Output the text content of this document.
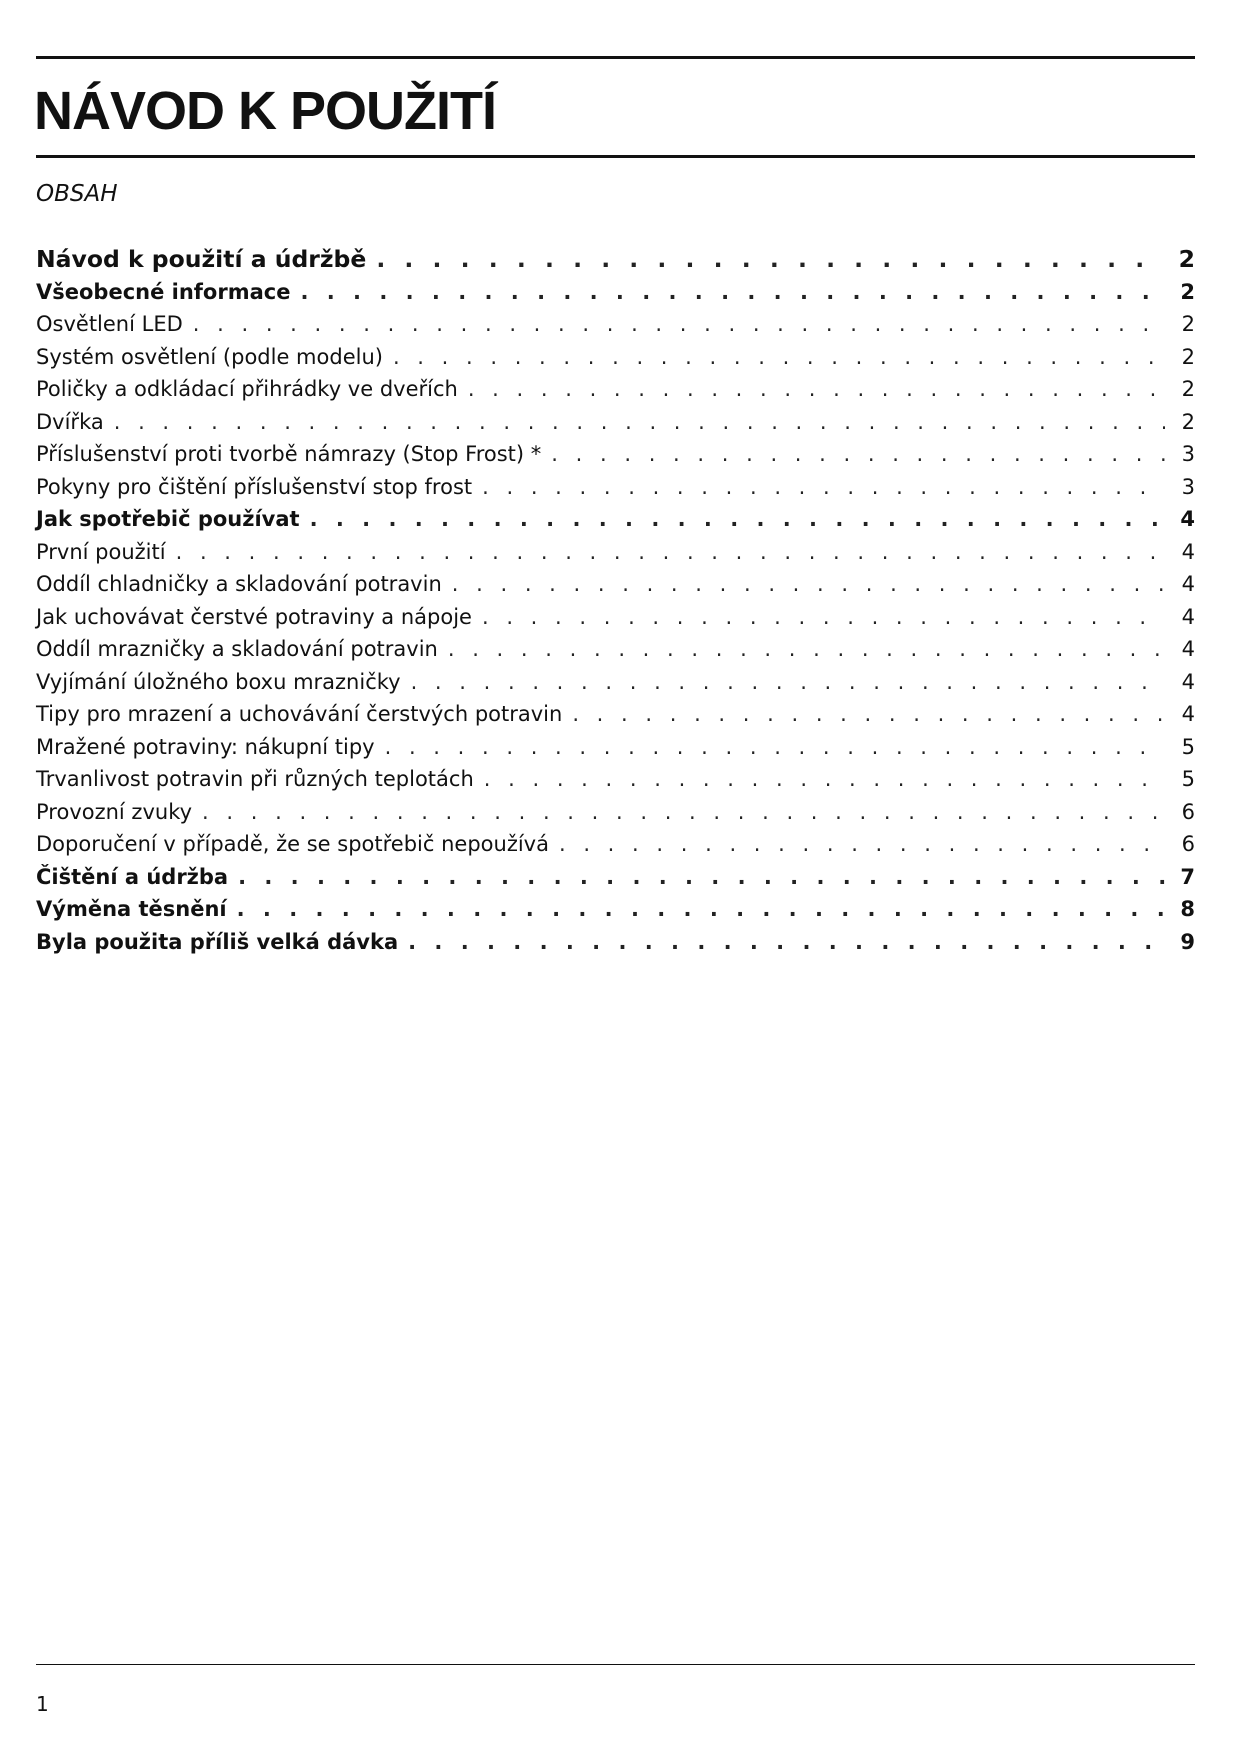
NÁVOD K POUŽITÍ

OBSAH

Návod k použití a údržbě . . .	2
Všeobecné informace . . .	2
Osvětlení LED . . .	2
Systém osvětlení (podle modelu) . . .	2
Poličky a odkládací přihrádky ve dveřích . . .	2
Dvířka . . .	2
Příslušenství proti tvorbě námrazy (Stop Frost) * . . .	3
Pokyny pro čištění příslušenství stop frost . . .	3
Jak spotřebič používat . . .	4
První použití . . .	4
Oddíl chladničky a skladování potravin . . .	4
Jak uchovávat čerstvé potraviny a nápoje . . .	4
Oddíl mrazničky a skladování potravin . . .	4
Vyjímání úložného boxu mrazničky . . .	4
Tipy pro mrazení a uchovávání čerstvých potravin . . .	4
Mražené potraviny: nákupní tipy . . .	5
Trvanlivost potravin při různých teplotách . . .	5
Provozní zvuky . . .	6
Doporučení v případě, že se spotřebič nepoužívá . . .	6
Čištění a údržba . . .	7
Výměna těsnění . . .	8
Byla použita příliš velká dávka . . .	9

1
